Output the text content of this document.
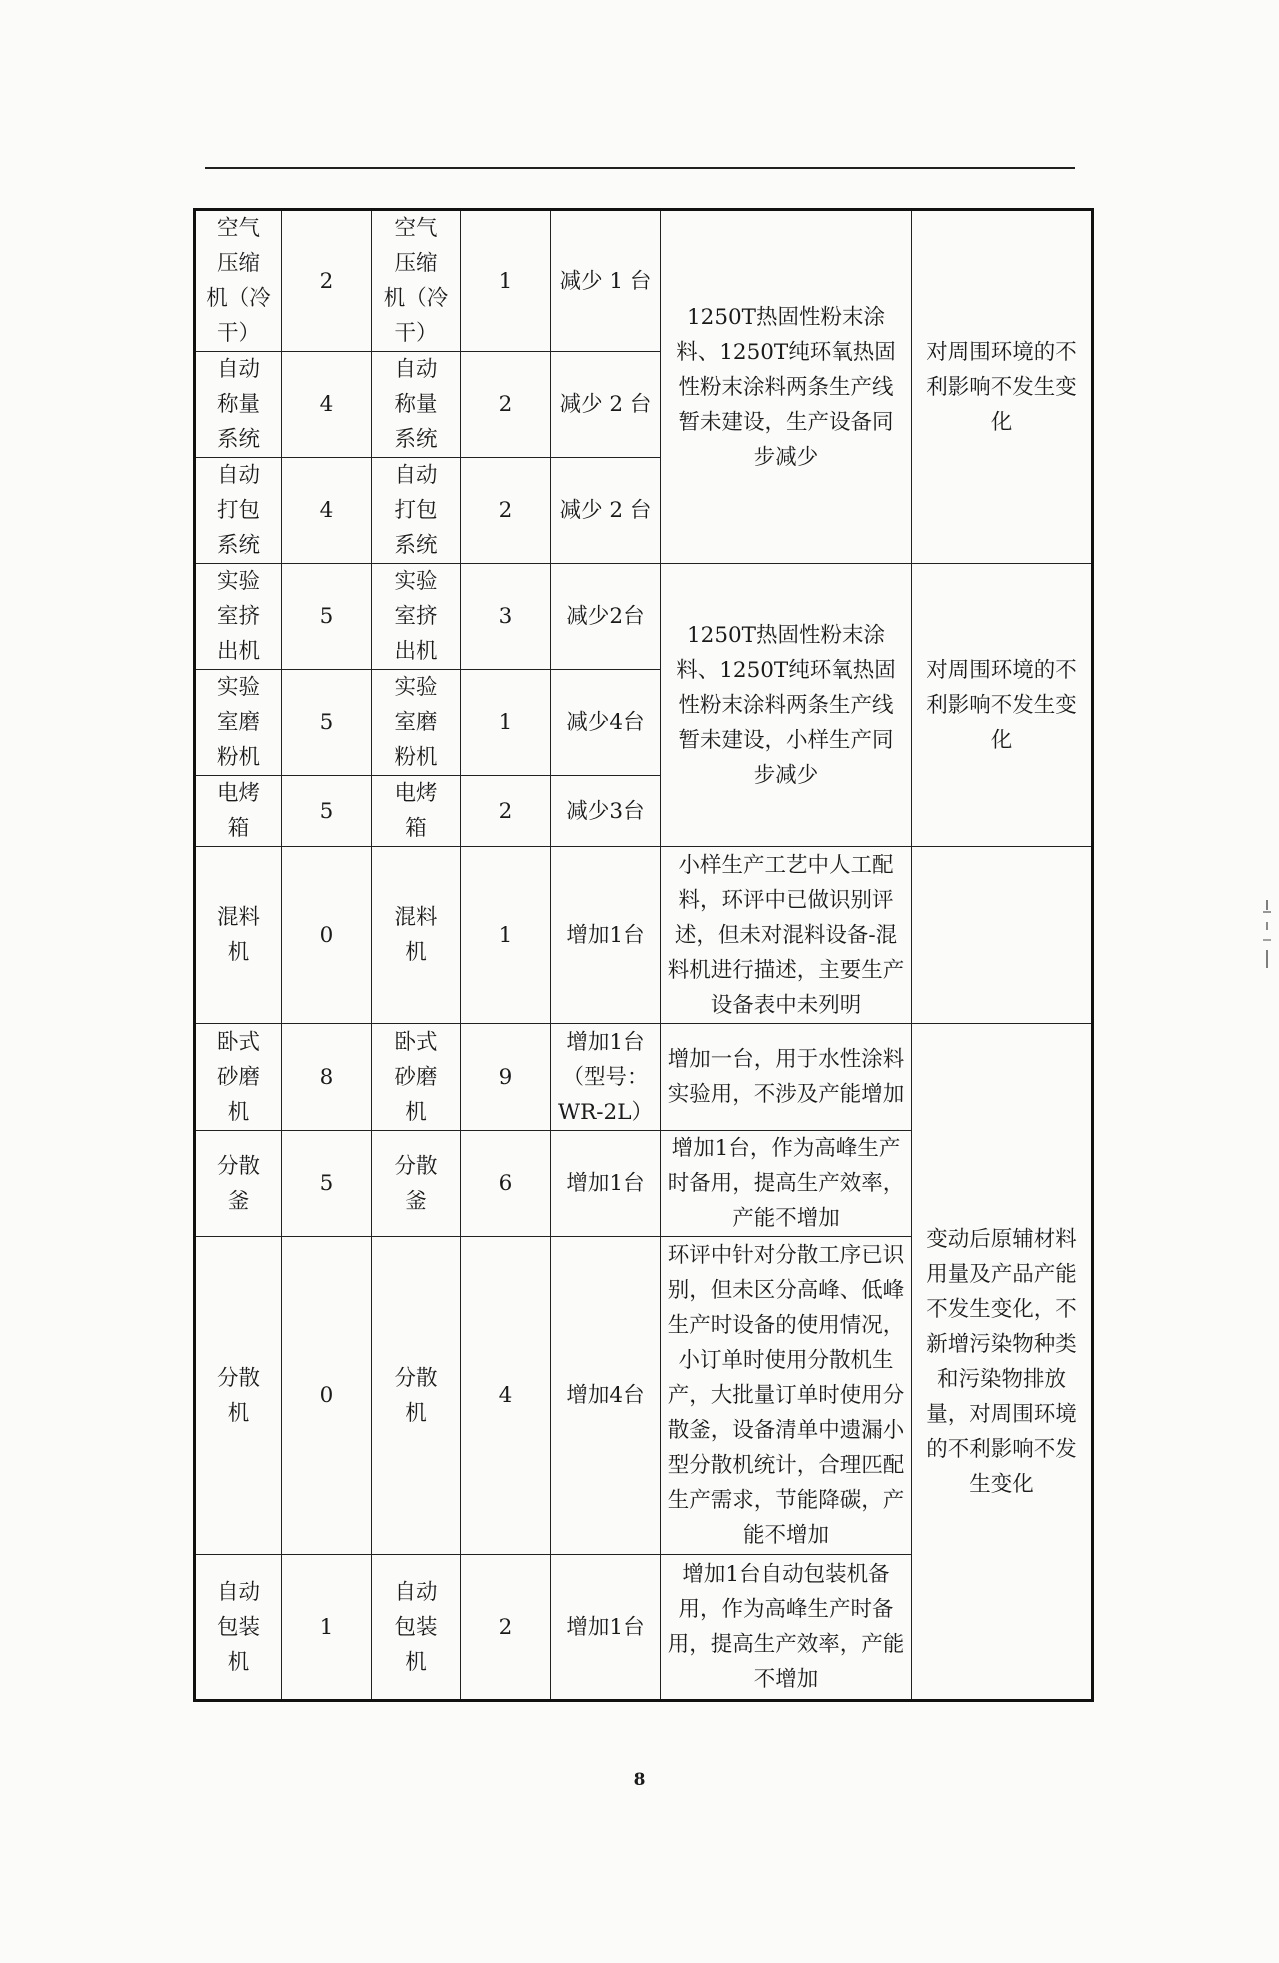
空气
压缩
机（冷
干）	2	空气
压缩
机（冷
干）	1	减少 1 台	1250T热固性粉末涂料、1250T纯环氧热固性粉末涂料两条生产线暂未建设，生产设备同步减少	对周围环境的不利影响不发生变化
自动
称量
系统	4	自动
称量
系统	2	减少 2 台		
自动
打包
系统	4	自动
打包
系统	2	减少 2 台		
实验
室挤
出机	5	实验
室挤
出机	3	减少2台	1250T热固性粉末涂料、1250T纯环氧热固性粉末涂料两条生产线暂未建设，小样生产同步减少	对周围环境的不利影响不发生变化
实验
室磨
粉机	5	实验
室磨
粉机	1	减少4台		
电烤
箱	5	电烤
箱	2	减少3台		
混料
机	0	混料
机	1	增加1台	小样生产工艺中人工配料，环评中已做识别评述，但未对混料设备-混料机进行描述，主要生产设备表中未列明	
卧式
砂磨
机	8	卧式
砂磨
机	9	增加1台
（型号：
WR-2L）	增加一台，用于水性涂料实验用，不涉及产能增加	变动后原辅材料用量及产品产能不发生变化，不新增污染物种类和污染物排放量，对周围环境的不利影响不发生变化
分散
釜	5	分散
釜	6	增加1台	增加1台，作为高峰生产时备用，提高生产效率，产能不增加	
分散
机	0	分散
机	4	增加4台	环评中针对分散工序已识别，但未区分高峰、低峰生产时设备的使用情况，小订单时使用分散机生产，大批量订单时使用分散釜，设备清单中遗漏小型分散机统计，合理匹配生产需求，节能降碳，产能不增加	
自动
包装
机	1	自动
包装
机	2	增加1台	增加1台自动包装机备用，作为高峰生产时备用，提高生产效率，产能不增加	
8
